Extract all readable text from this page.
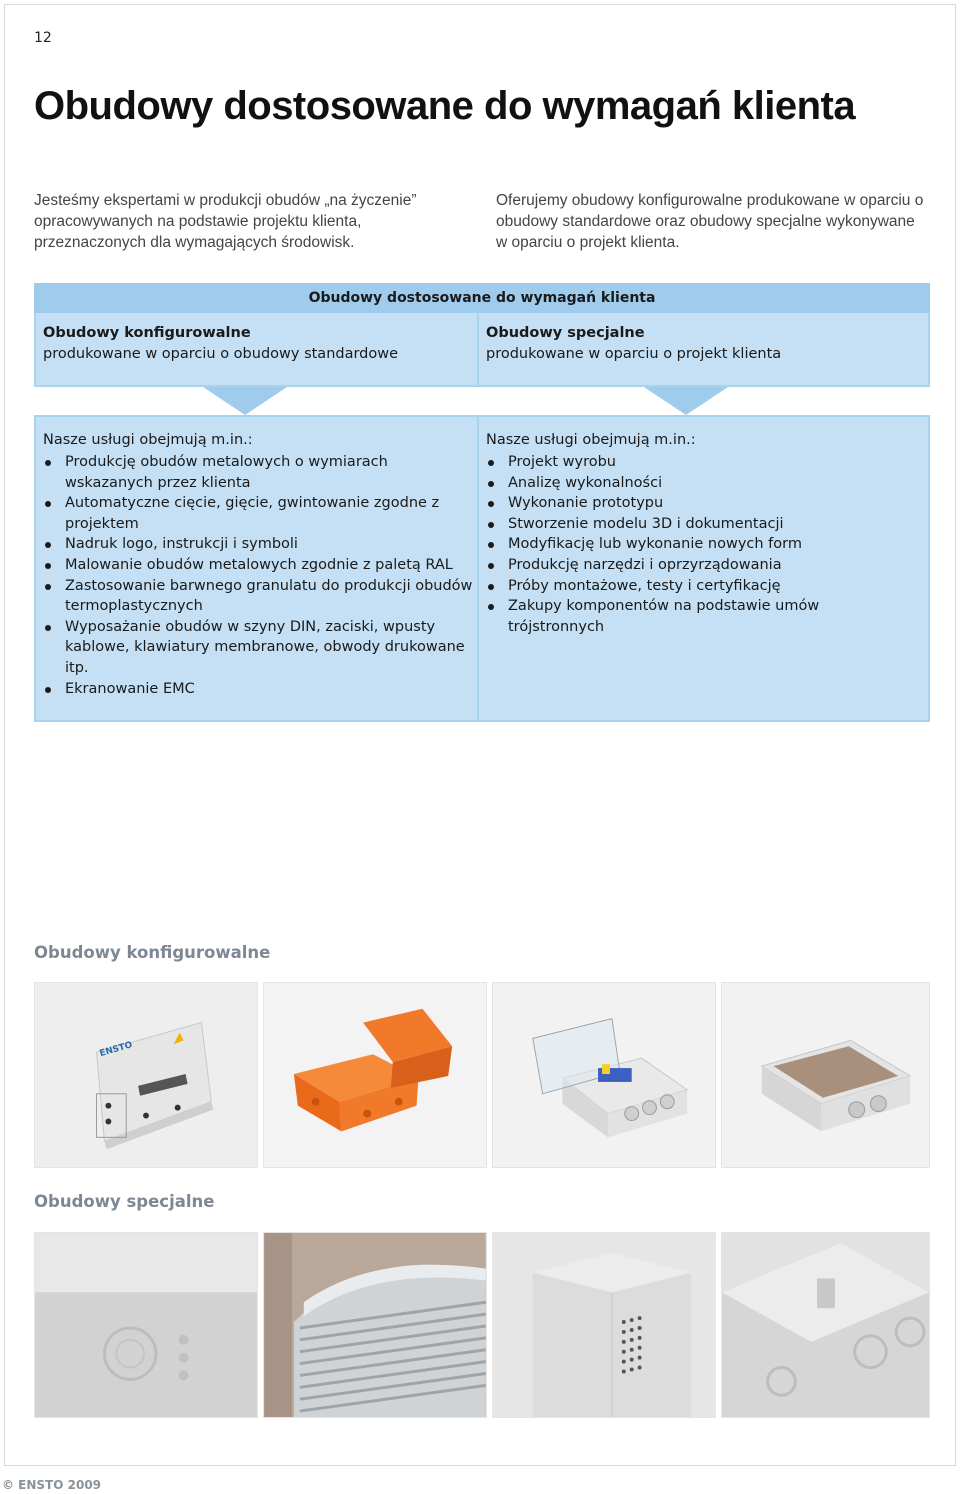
12
Obudowy dostosowane do wymagań klienta
Jesteśmy ekspertami w produkcji obudów „na życzenie” opracowywanych na podstawie projektu klienta, przeznaczonych dla wymagających środowisk.
Oferujemy obudowy konfigurowalne produkowane w oparciu o obudowy standardowe oraz obudowy specjalne wykonywane w oparciu o projekt klienta.
Obudowy dostosowane do wymagań klienta
Obudowy konfigurowalne
produkowane w oparciu o obudowy standardowe
Obudowy specjalne
produkowane w oparciu o projekt klienta
Nasze usługi obejmują m.in.:
Produkcję obudów metalowych o wymiarach wskazanych przez klienta
Automatyczne cięcie, gięcie, gwintowanie zgodne z projektem
Nadruk logo, instrukcji i symboli
Malowanie obudów metalowych zgodnie z paletą RAL
Zastosowanie barwnego granulatu do produkcji obudów termoplastycznych
Wyposażanie obudów w szyny DIN, zaciski, wpusty kablowe, klawiatury membranowe, obwody drukowane itp.
Ekranowanie EMC
Nasze usługi obejmują m.in.:
Projekt wyrobu
Analizę wykonalności
Wykonanie prototypu
Stworzenie modelu 3D i dokumentacji
Modyfikację lub wykonanie nowych form
Produkcję narzędzi i oprzyrządowania
Próby montażowe, testy i certyfikację
Zakupy komponentów na podstawie umów trójstronnych
Obudowy konfigurowalne
ENSTO
Obudowy specjalne
© ENSTO 2009
